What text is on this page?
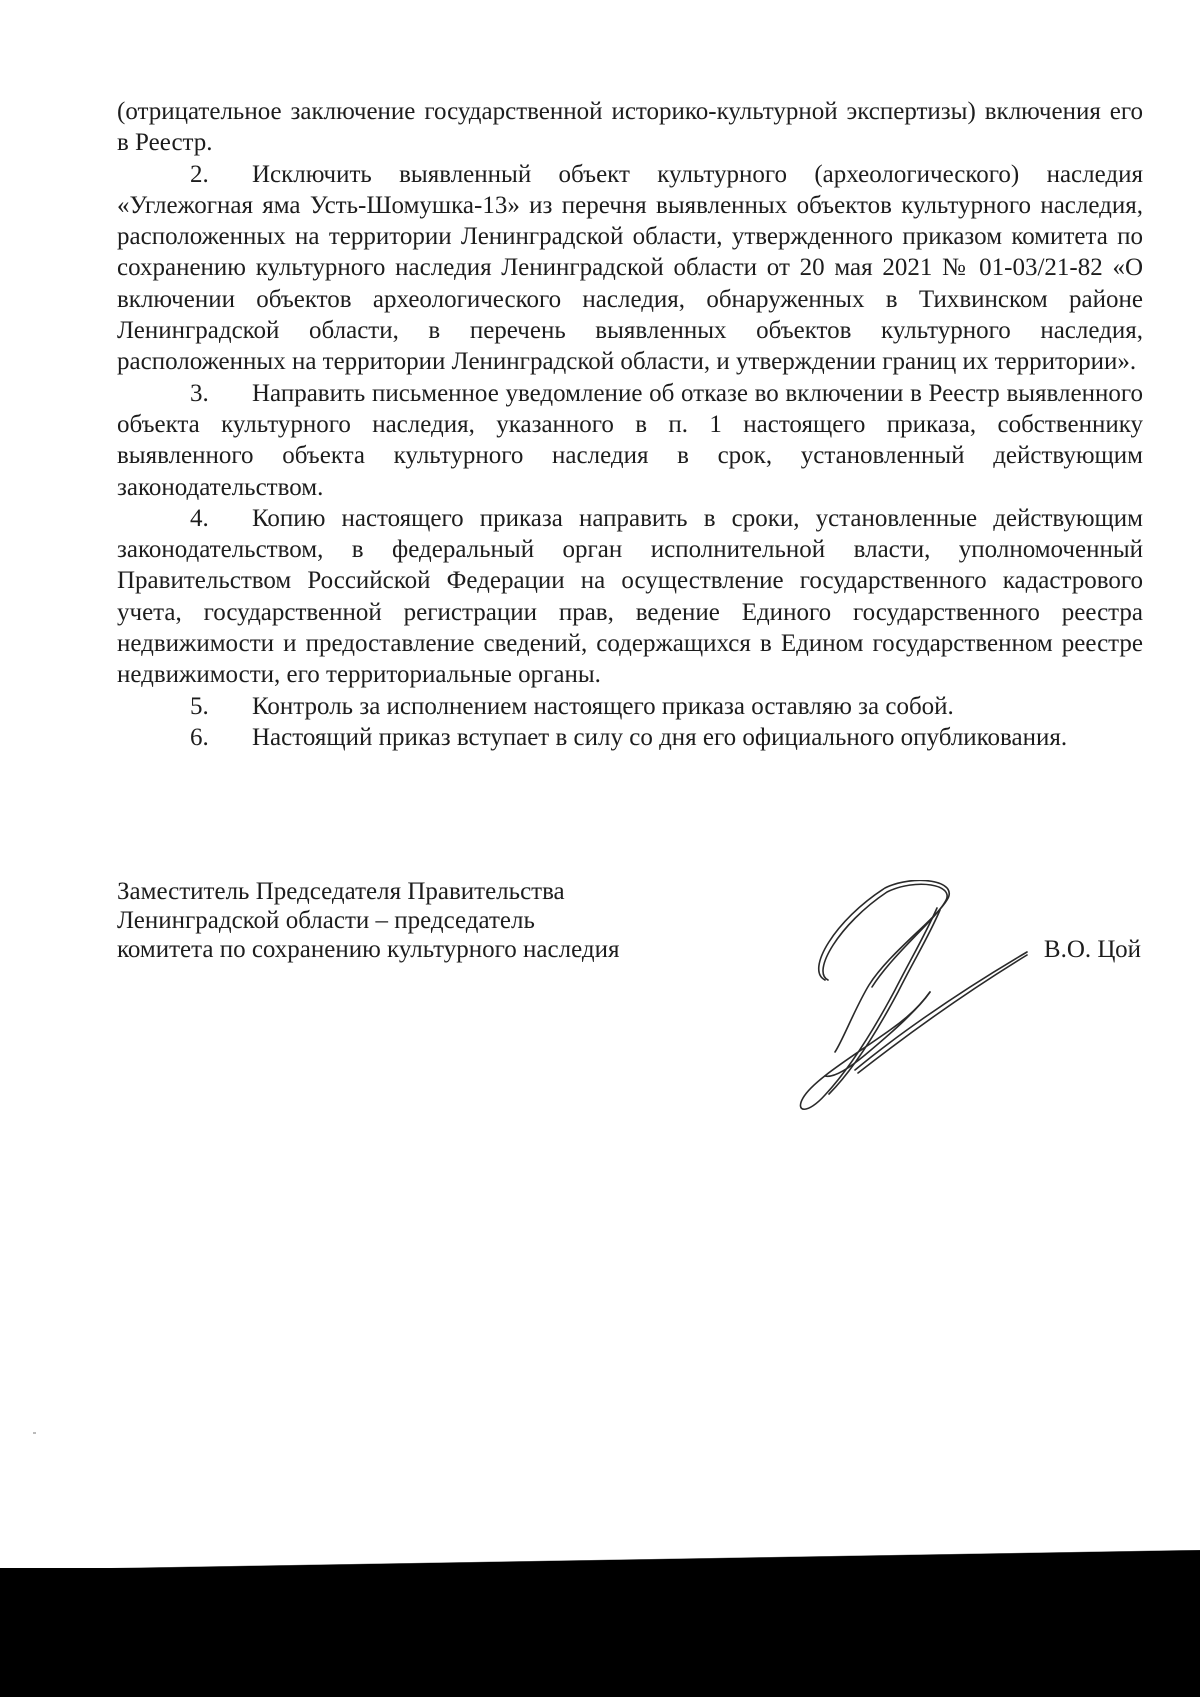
(отрицательное заключение государственной историко-культурной экспертизы) включения его в Реестр.

2. Исключить выявленный объект культурного (археологического) наследия «Углежогная яма Усть-Шомушка-13» из перечня выявленных объектов культурного наследия, расположенных на территории Ленинградской области, утвержденного приказом комитета по сохранению культурного наследия Ленинградской области от 20 мая 2021 № 01-03/21-82 «О включении объектов археологического наследия, обнаруженных в Тихвинском районе Ленинградской области, в перечень выявленных объектов культурного наследия, расположенных на территории Ленинградской области, и утверждении границ их территории».

3. Направить письменное уведомление об отказе во включении в Реестр выявленного объекта культурного наследия, указанного в п. 1 настоящего приказа, собственнику выявленного объекта культурного наследия в срок, установленный действующим законодательством.

4. Копию настоящего приказа направить в сроки, установленные действующим законодательством, в федеральный орган исполнительной власти, уполномоченный Правительством Российской Федерации на осуществление государственного кадастрового учета, государственной регистрации прав, ведение Единого государственного реестра недвижимости и предоставление сведений, содержащихся в Едином государственном реестре недвижимости, его территориальные органы.

5. Контроль за исполнением настоящего приказа оставляю за собой.

6. Настоящий приказ вступает в силу со дня его официального опубликования.

Заместитель Председателя Правительства
Ленинградской области – председатель
комитета по сохранению культурного наследия	В.О. Цой
